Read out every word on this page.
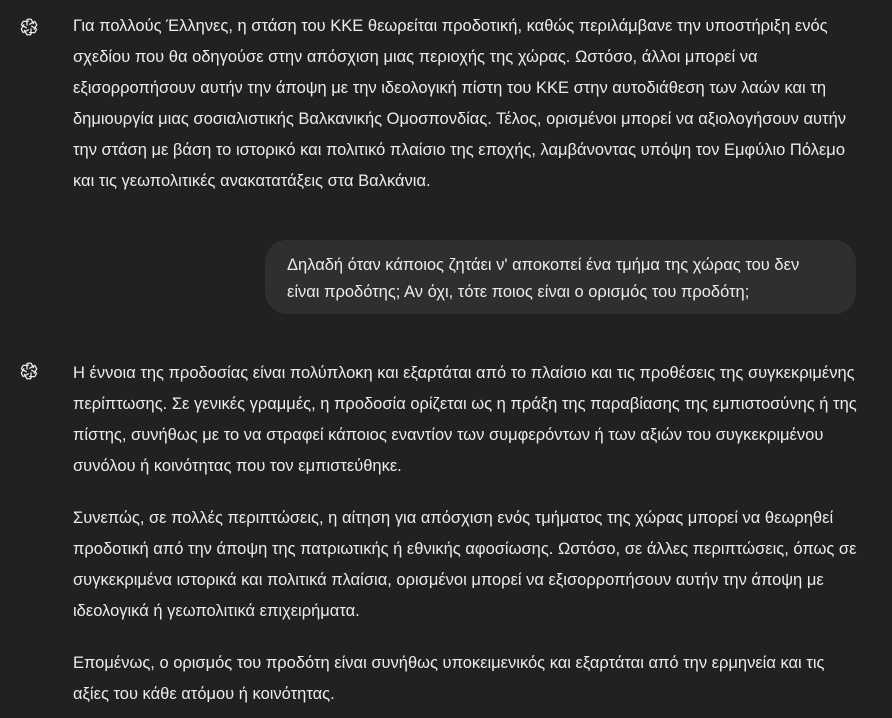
Για πολλούς Έλληνες, η στάση του ΚΚΕ θεωρείται προδοτική, καθώς περιλάμβανε την υποστήριξη ενός σχεδίου που θα οδηγούσε στην απόσχιση μιας περιοχής της χώρας. Ωστόσο, άλλοι μπορεί να εξισορροπήσουν αυτήν την άποψη με την ιδεολογική πίστη του ΚΚΕ στην αυτοδιάθεση των λαών και τη δημιουργία μιας σοσιαλιστικής Βαλκανικής Ομοσπονδίας. Τέλος, ορισμένοι μπορεί να αξιολογήσουν αυτήν την στάση με βάση το ιστορικό και πολιτικό πλαίσιο της εποχής, λαμβάνοντας υπόψη τον Εμφύλιο Πόλεμο και τις γεωπολιτικές ανακατατάξεις στα Βαλκάνια.

Δηλαδή όταν κάποιος ζητάει ν' αποκοπεί ένα τμήμα της χώρας του δεν είναι προδότης; Αν όχι, τότε ποιος είναι ο ορισμός του προδότη;

Η έννοια της προδοσίας είναι πολύπλοκη και εξαρτάται από το πλαίσιο και τις προθέσεις της συγκεκριμένης περίπτωσης. Σε γενικές γραμμές, η προδοσία ορίζεται ως η πράξη της παραβίασης της εμπιστοσύνης ή της πίστης, συνήθως με το να στραφεί κάποιος εναντίον των συμφερόντων ή των αξιών του συγκεκριμένου συνόλου ή κοινότητας που τον εμπιστεύθηκε.

Συνεπώς, σε πολλές περιπτώσεις, η αίτηση για απόσχιση ενός τμήματος της χώρας μπορεί να θεωρηθεί προδοτική από την άποψη της πατριωτικής ή εθνικής αφοσίωσης. Ωστόσο, σε άλλες περιπτώσεις, όπως σε συγκεκριμένα ιστορικά και πολιτικά πλαίσια, ορισμένοι μπορεί να εξισορροπήσουν αυτήν την άποψη με ιδεολογικά ή γεωπολιτικά επιχειρήματα.

Επομένως, ο ορισμός του προδότη είναι συνήθως υποκειμενικός και εξαρτάται από την ερμηνεία και τις αξίες του κάθε ατόμου ή κοινότητας.
